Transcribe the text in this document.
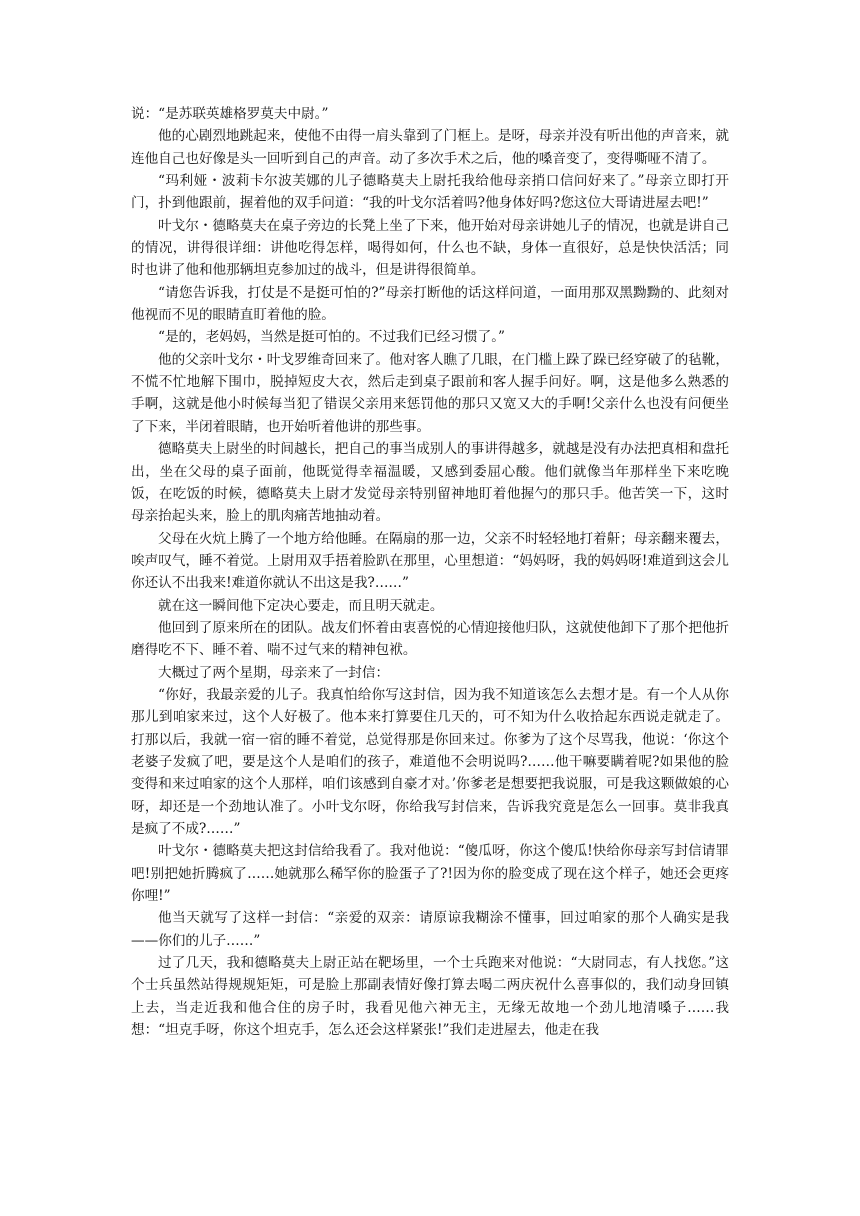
说：“是苏联英雄格罗莫夫中尉。”

他的心剧烈地跳起来，使他不由得一肩头靠到了门框上。是呀，母亲并没有听出他的声音来，就连他自己也好像是头一回听到自己的声音。动了多次手术之后，他的嗓音变了，变得嘶哑不清了。

“玛利娅・波莉卡尔波芙娜的儿子德略莫夫上尉托我给他母亲捎口信问好来了。”母亲立即打开门，扑到他跟前，握着他的双手问道：“我的叶戈尔活着吗?他身体好吗?您这位大哥请进屋去吧!”

叶戈尔・德略莫夫在桌子旁边的长凳上坐了下来，他开始对母亲讲她儿子的情况，也就是讲自己的情况，讲得很详细：讲他吃得怎样，喝得如何，什么也不缺，身体一直很好，总是快快活活；同时也讲了他和他那辆坦克参加过的战斗，但是讲得很简单。

“请您告诉我，打仗是不是挺可怕的?”母亲打断他的话这样问道，一面用那双黑黝黝的、此刻对他视而不见的眼睛直盯着他的脸。

“是的，老妈妈，当然是挺可怕的。不过我们已经习惯了。”

他的父亲叶戈尔・叶戈罗维奇回来了。他对客人瞧了几眼，在门槛上跺了跺已经穿破了的毡靴，不慌不忙地解下围巾，脱掉短皮大衣，然后走到桌子跟前和客人握手问好。啊，这是他多么熟悉的手啊，这就是他小时候每当犯了错误父亲用来惩罚他的那只又宽又大的手啊!父亲什么也没有问便坐了下来，半闭着眼睛，也开始听着他讲的那些事。

德略莫夫上尉坐的时间越长，把自己的事当成别人的事讲得越多，就越是没有办法把真相和盘托出，坐在父母的桌子面前，他既觉得幸福温暖，又感到委屈心酸。他们就像当年那样坐下来吃晚饭，在吃饭的时候，德略莫夫上尉才发觉母亲特别留神地盯着他握勺的那只手。他苦笑一下，这时母亲抬起头来，脸上的肌肉痛苦地抽动着。

父母在火炕上腾了一个地方给他睡。在隔扇的那一边，父亲不时轻轻地打着鼾；母亲翻来覆去，唉声叹气，睡不着觉。上尉用双手捂着脸趴在那里，心里想道：“妈妈呀，我的妈妈呀!难道到这会儿你还认不出我来!难道你就认不出这是我?……”

就在这一瞬间他下定决心要走，而且明天就走。

他回到了原来所在的团队。战友们怀着由衷喜悦的心情迎接他归队，这就使他卸下了那个把他折磨得吃不下、睡不着、喘不过气来的精神包袱。

大概过了两个星期，母亲来了一封信：

“你好，我最亲爱的儿子。我真怕给你写这封信，因为我不知道该怎么去想才是。有一个人从你那儿到咱家来过，这个人好极了。他本来打算要住几天的，可不知为什么收拾起东西说走就走了。打那以后，我就一宿一宿的睡不着觉，总觉得那是你回来过。你爹为了这个尽骂我，他说：‘你这个老婆子发疯了吧，要是这个人是咱们的孩子，难道他不会明说吗?……他干嘛要瞒着呢?如果他的脸变得和来过咱家的这个人那样，咱们该感到自豪才对。’你爹老是想要把我说服，可是我这颗做娘的心呀，却还是一个劲地认准了。小叶戈尔呀，你给我写封信来，告诉我究竟是怎么一回事。莫非我真是疯了不成?……”

叶戈尔・德略莫夫把这封信给我看了。我对他说：“傻瓜呀，你这个傻瓜!快给你母亲写封信请罪吧!别把她折腾疯了……她就那么稀罕你的脸蛋子了?!因为你的脸变成了现在这个样子，她还会更疼你哩!”

他当天就写了这样一封信：“亲爱的双亲：请原谅我糊涂不懂事，回过咱家的那个人确实是我——你们的儿子……”

过了几天，我和德略莫夫上尉正站在靶场里，一个士兵跑来对他说：“大尉同志，有人找您。”这个士兵虽然站得规规矩矩，可是脸上那副表情好像打算去喝二两庆祝什么喜事似的，我们动身回镇上去，当走近我和他合住的房子时，我看见他六神无主，无缘无故地一个劲儿地清嗓子……我想：“坦克手呀，你这个坦克手，怎么还会这样紧张!”我们走进屋去，他走在我
